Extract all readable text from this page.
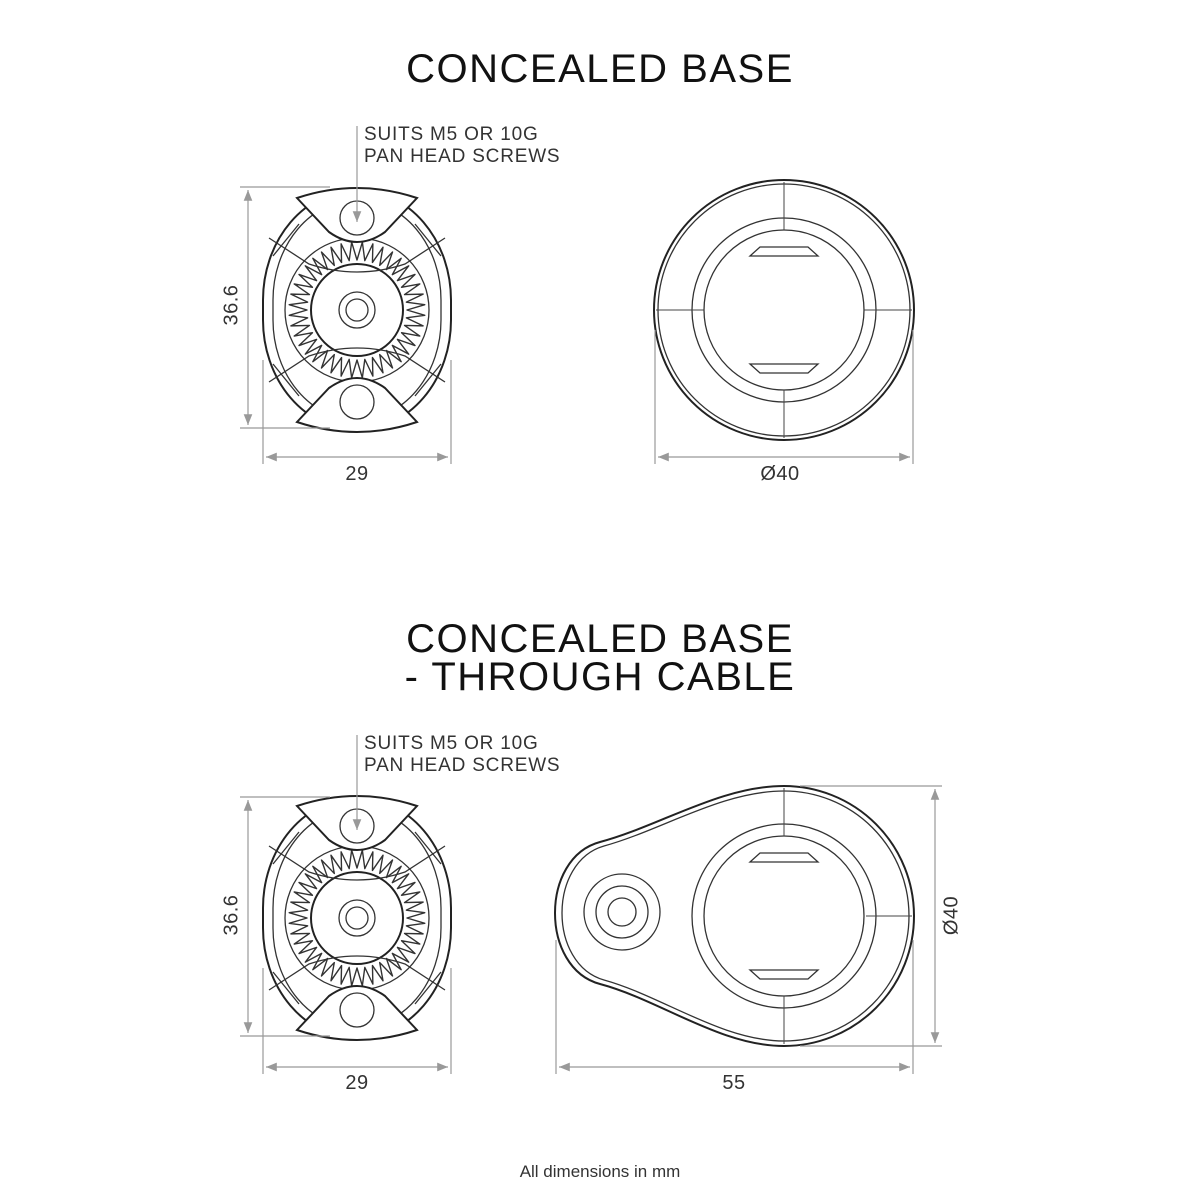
CONCEALED BASE
CONCEALED BASE
- THROUGH CABLE
SUITS M5 OR 10G
PAN HEAD SCREWS
SUITS M5 OR 10G
PAN HEAD SCREWS
36.6
29	Ø40
36.6
29	55
Ø40
All dimensions in mm
